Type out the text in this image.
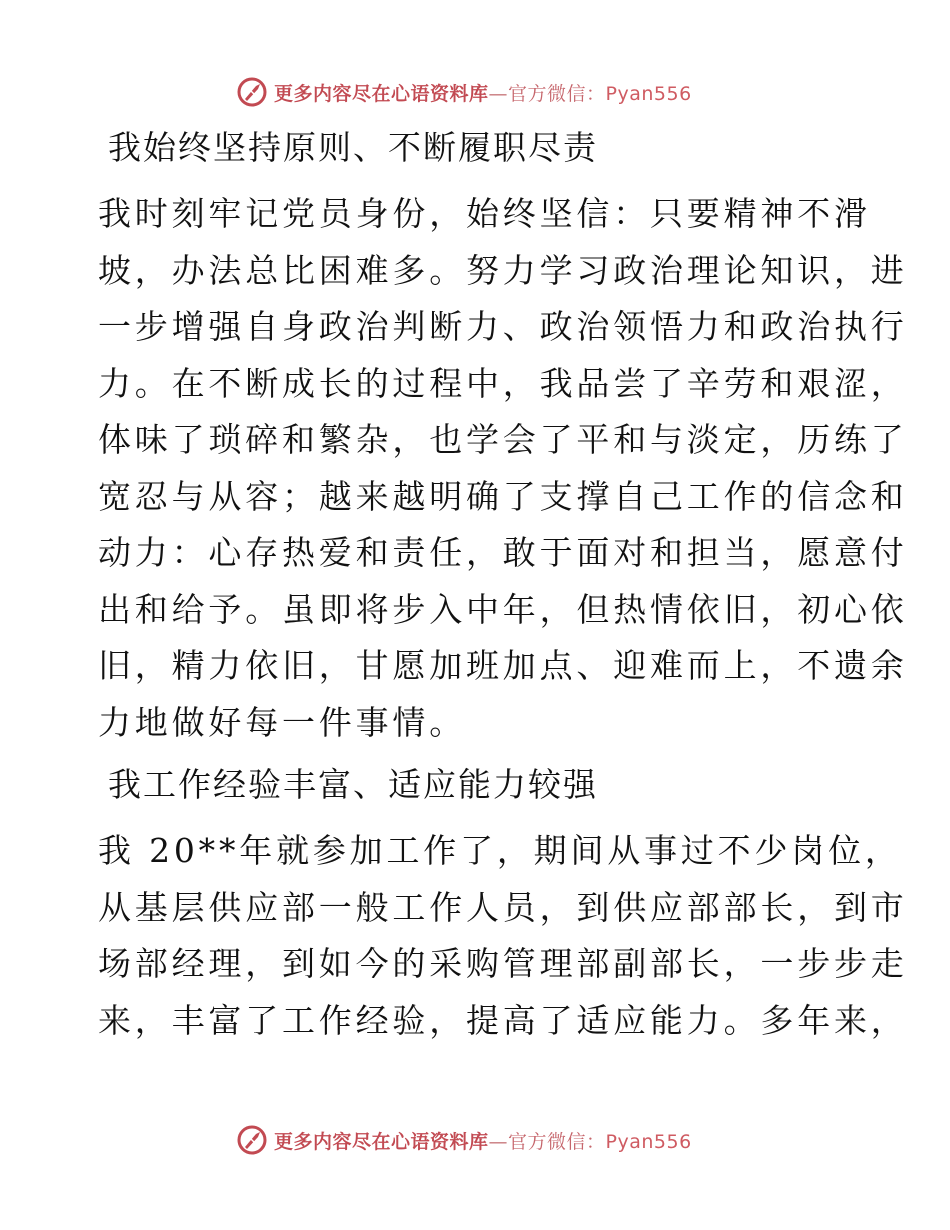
更多内容尽在心语资料库—官方微信：Pyan556
我始终坚持原则、不断履职尽责

我时刻牢记党员身份，始终坚信：只要精神不滑
坡，办法总比困难多。努力学习政治理论知识，进
一步增强自身政治判断力、政治领悟力和政治执行
力。在不断成长的过程中，我品尝了辛劳和艰涩，
体味了琐碎和繁杂，也学会了平和与淡定，历练了
宽忍与从容；越来越明确了支撑自己工作的信念和
动力：心存热爱和责任，敢于面对和担当，愿意付
出和给予。虽即将步入中年，但热情依旧，初心依
旧，精力依旧，甘愿加班加点、迎难而上，不遗余
力地做好每一件事情。

我工作经验丰富、适应能力较强

我 20**年就参加工作了，期间从事过不少岗位，
从基层供应部一般工作人员，到供应部部长，到市
场部经理，到如今的采购管理部副部长，一步步走
来，丰富了工作经验，提高了适应能力。多年来，

更多内容尽在心语资料库—官方微信：Pyan556
